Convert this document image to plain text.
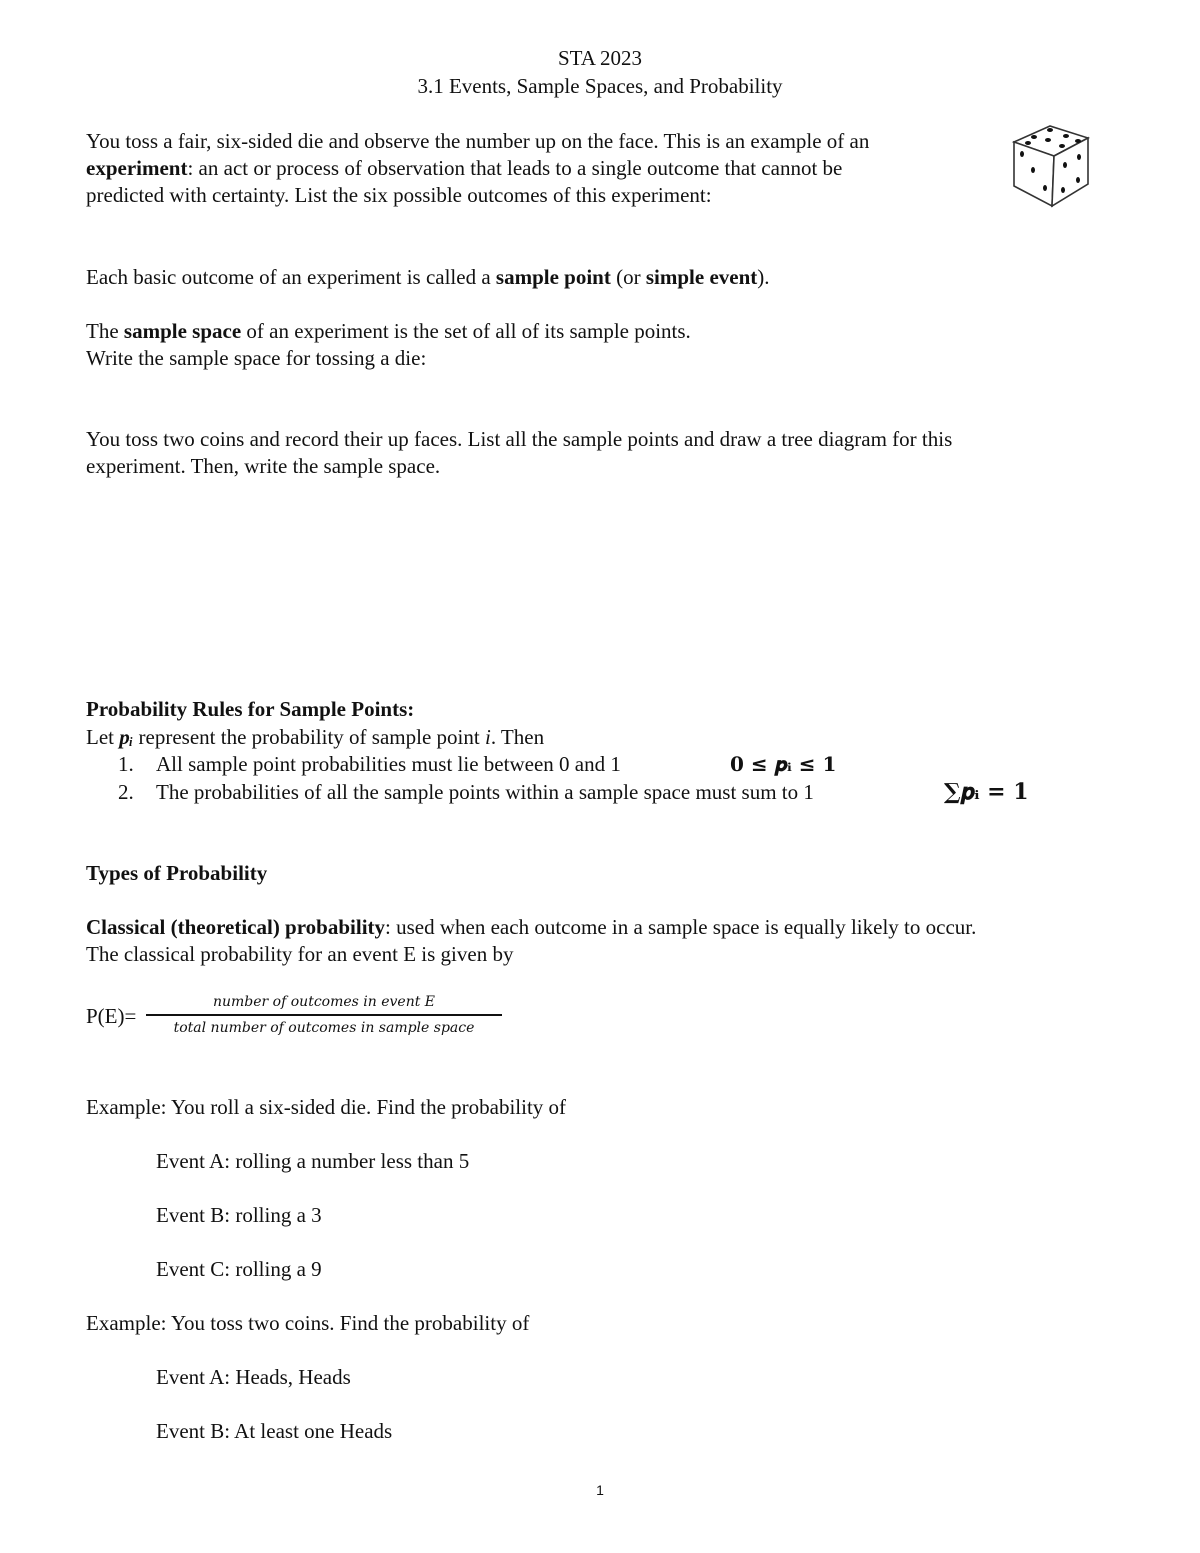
STA 2023
3.1 Events, Sample Spaces, and Probability
You toss a fair, six-sided die and observe the number up on the face. This is an example of an
experiment: an act or process of observation that leads to a single outcome that cannot be
predicted with certainty. List the six possible outcomes of this experiment:
Each basic outcome of an experiment is called a sample point (or simple event).
The sample space of an experiment is the set of all of its sample points.
Write the sample space for tossing a die:
You toss two coins and record their up faces. List all the sample points and draw a tree diagram for this
experiment. Then, write the sample space.
Probability Rules for Sample Points:
Let pᵢ represent the probability of sample point i. Then
1. All sample point probabilities must lie between 0 and 1	0 ≤ 𝒑ᵢ ≤ 𝟏
2. The probabilities of all the sample points within a sample space must sum to 1	∑𝒑ᵢ = 𝟏
Types of Probability
Classical (theoretical) probability: used when each outcome in a sample space is equally likely to occur.
The classical probability for an event E is given by
P(E)=
number of outcomes in event E
total number of outcomes in sample space
Example: You roll a six-sided die. Find the probability of
Event A: rolling a number less than 5
Event B: rolling a 3
Event C: rolling a 9
Example: You toss two coins. Find the probability of
Event A: Heads, Heads
Event B: At least one Heads
1
